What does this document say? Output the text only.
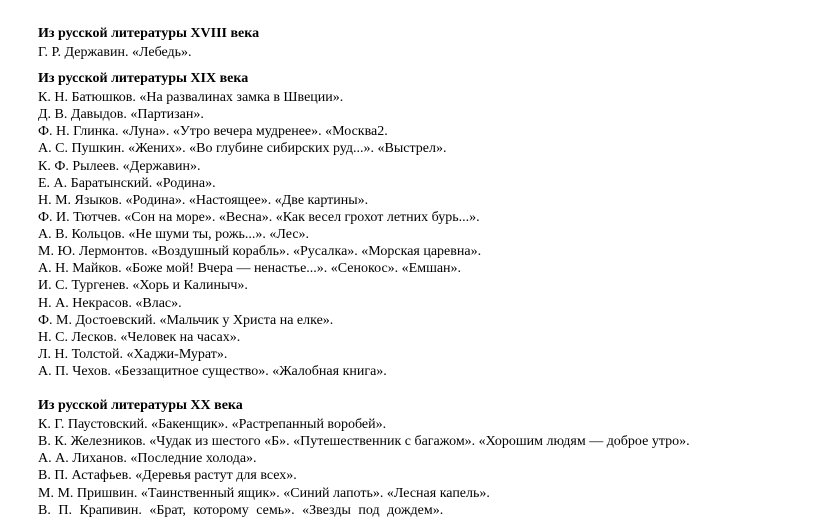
Из русской литературы XVIII века
Г. Р. Державин. «Лебедь».
Из русской литературы XIX века
К. Н. Батюшков. «На развалинах замка в Швеции».
Д. В. Давыдов. «Партизан».
Ф. Н. Глинка. «Луна». «Утро вечера мудренее». «Москва2.
А. С. Пушкин. «Жених». «Во глубине сибирских руд...». «Выстрел».
К. Ф. Рылеев. «Державин».
Е. А. Баратынский. «Родина».
Н. М. Языков. «Родина». «Настоящее». «Две картины».
Ф. И. Тютчев. «Сон на море». «Весна». «Как весел грохот летних бурь...».
А. В. Кольцов. «Не шуми ты, рожь...». «Лес».
М. Ю. Лермонтов. «Воздушный корабль». «Русалка». «Морская царевна».
А. Н. Майков. «Боже мой! Вчера — ненастье...». «Сенокос». «Емшан».
И. С. Тургенев. «Хорь и Калиныч».
Н. А. Некрасов. «Влас».
Ф. М. Достоевский. «Мальчик у Христа на елке».
Н. С. Лесков. «Человек на часах».
Л. Н. Толстой. «Хаджи-Мурат».
А. П. Чехов. «Беззащитное существо». «Жалобная книга».
Из русской литературы XX века
К. Г. Паустовский. «Бакенщик». «Растрепанный воробей».
В. К. Железников. «Чудак из шестого «Б». «Путешественник с багажом». «Хорошим людям — доброе утро».
А. А. Лиханов. «Последние холода».
В. П. Астафьев. «Деревья растут для всех».
М. М. Пришвин. «Таинственный ящик». «Синий лапоть». «Лесная капель».
В. П. Крапивин. «Брат, которому семь». «Звезды под дождем».
